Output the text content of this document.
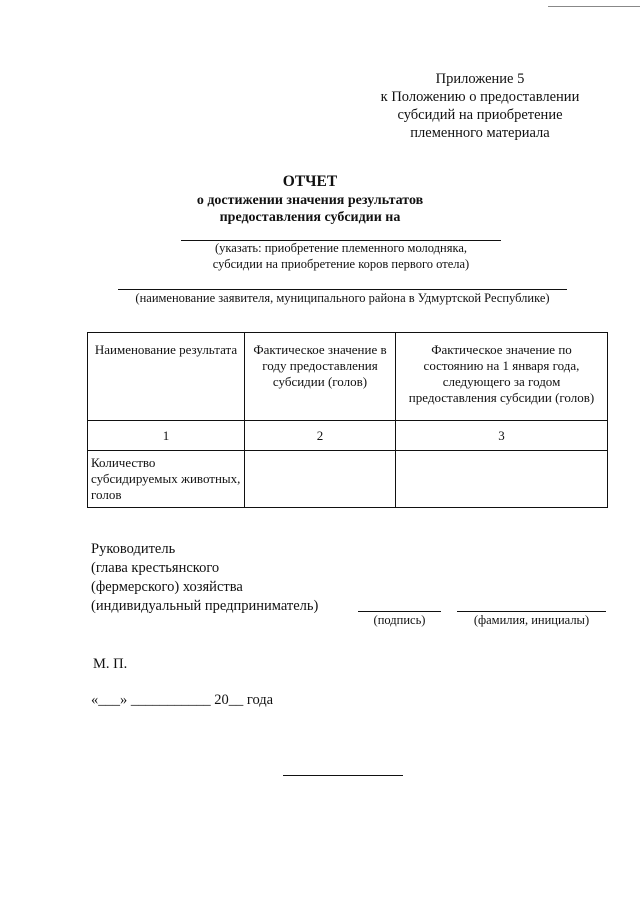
Приложение 5
к Положению о предоставлении
субсидий на приобретение
племенного материала
ОТЧЕТ
о достижении значения результатов
предоставления субсидии на
(указать: приобретение племенного молодняка,
субсидии на приобретение коров первого отела)
(наименование заявителя, муниципального района в Удмуртской Республике)
Наименование результата	Фактическое значение в году предоставления субсидии (голов)	Фактическое значение по состоянию на 1 января года, следующего за годом предоставления субсидии (голов)
1	2	3
Количество субсидируемых животных, голов		
Руководитель
(глава крестьянского
(фермерского) хозяйства
(индивидуальный предприниматель)
(подпись)	(фамилия, инициалы)
М. П.
«___» ___________ 20__ года
